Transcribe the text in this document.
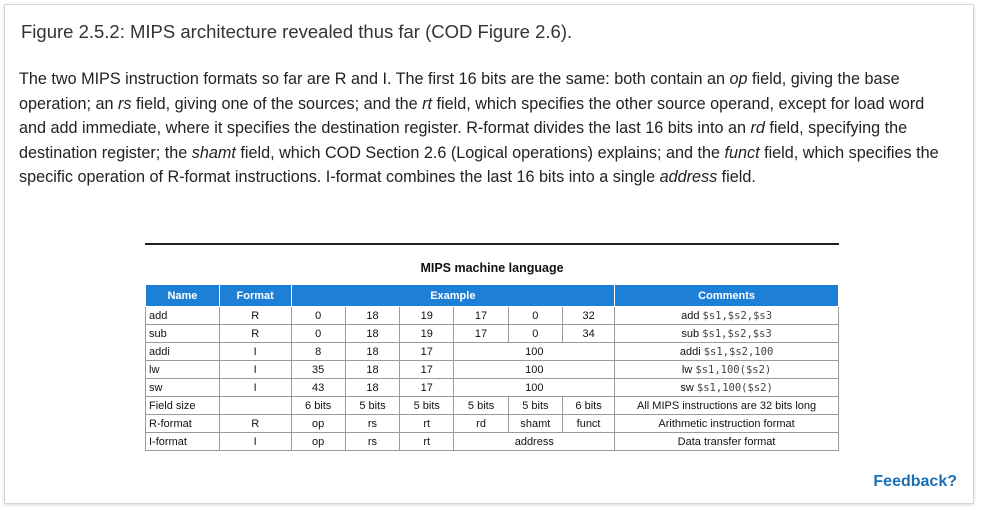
Figure 2.5.2: MIPS architecture revealed thus far (COD Figure 2.6).

The two MIPS instruction formats so far are R and I. The first 16 bits are the same: both contain an op field, giving the base operation; an rs field, giving one of the sources; and the rt field, which specifies the other source operand, except for load word and add immediate, where it specifies the destination register. R-format divides the last 16 bits into an rd field, specifying the destination register; the shamt field, which COD Section 2.6 (Logical operations) explains; and the funct field, which specifies the specific operation of R-format instructions. I-format combines the last 16 bits into a single address field.

MIPS machine language
Name	Format	Example						Comments
add	R	0	18	19	17	0	32	add $s1,$s2,$s3
sub	R	0	18	19	17	0	34	sub $s1,$s2,$s3
addi	I	8	18	17	100			addi $s1,$s2,100
lw	I	35	18	17	100			lw $s1,100($s2)
sw	I	43	18	17	100			sw $s1,100($s2)
Field size		6 bits	5 bits	5 bits	5 bits	5 bits	6 bits	All MIPS instructions are 32 bits long
R-format	R	op	rs	rt	rd	shamt	funct	Arithmetic instruction format
I-format	I	op	rs	rt	address			Data transfer format
Feedback?
